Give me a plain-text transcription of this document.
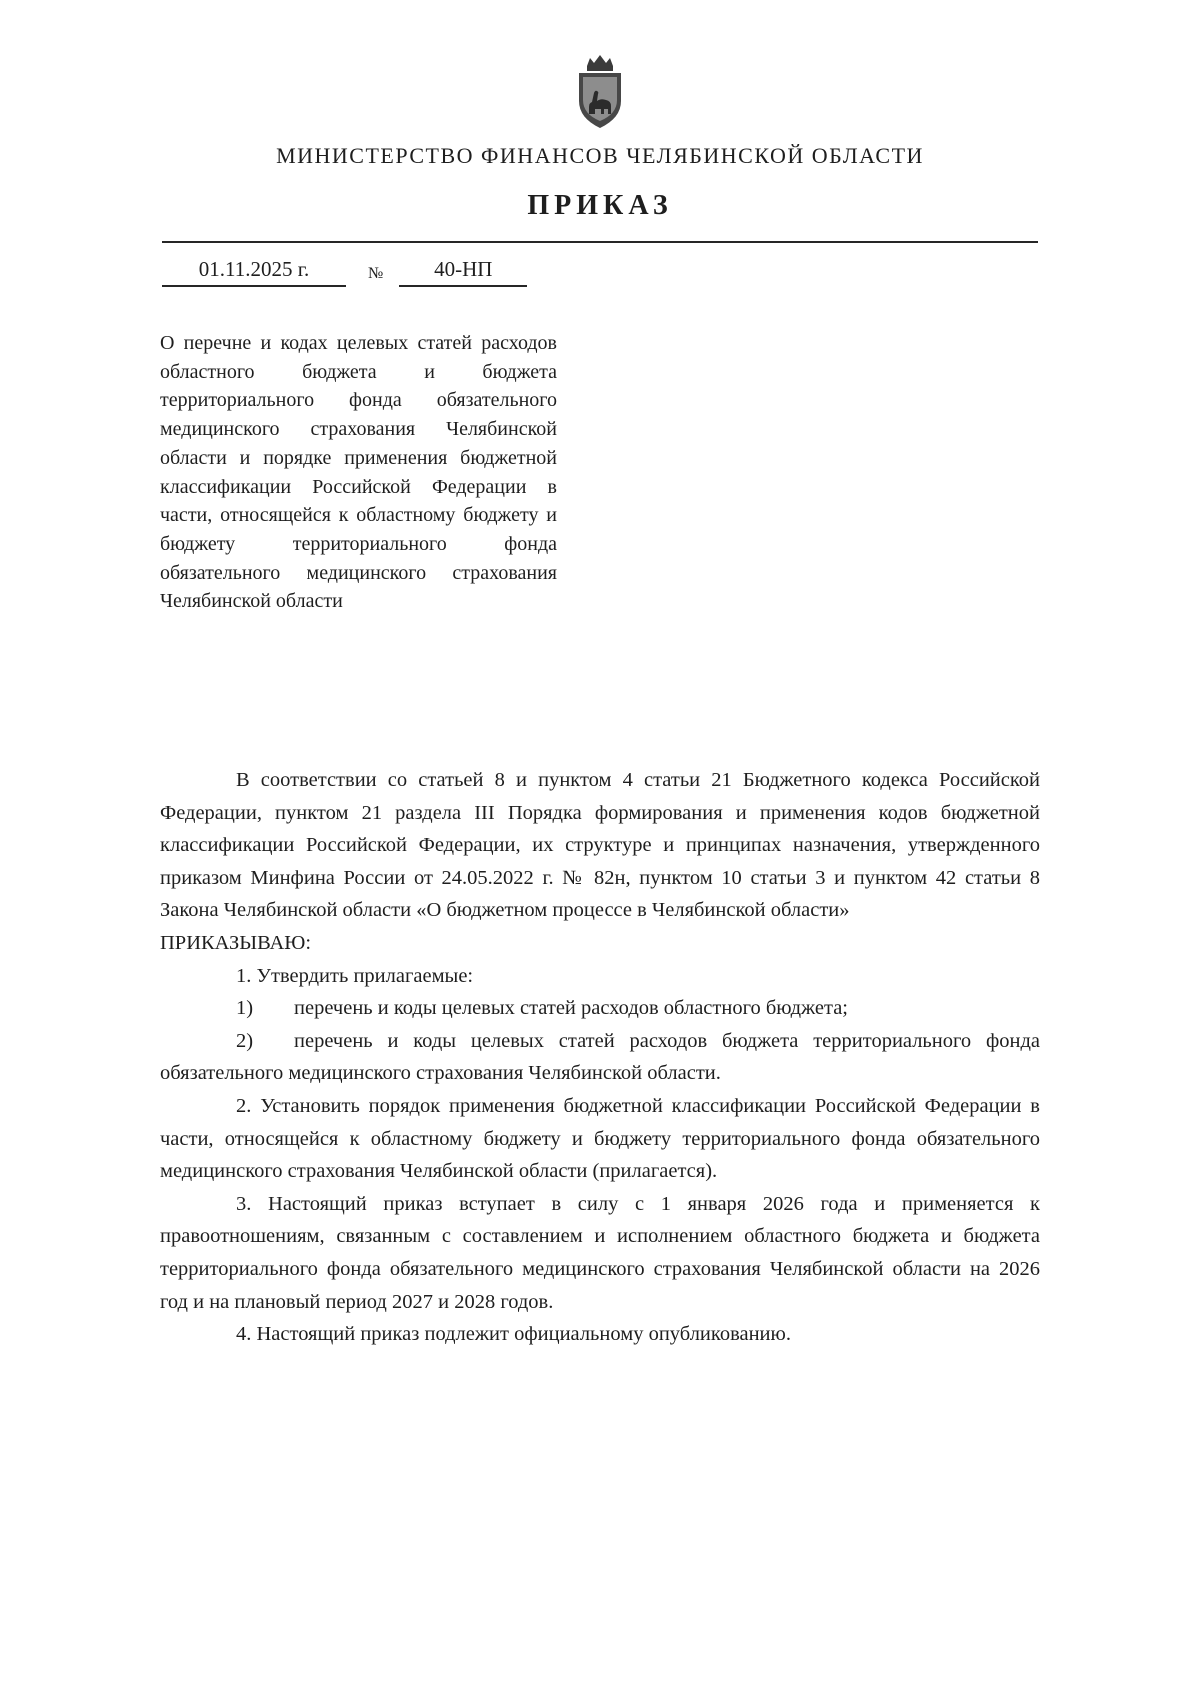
МИНИСТЕРСТВО ФИНАНСОВ ЧЕЛЯБИНСКОЙ ОБЛАСТИ
ПРИКАЗ
01.11.2025 г.	№	40-НП
О перечне и кодах целевых статей расходов областного бюджета и бюджета территориального фонда обязательного медицинского страхования Челябинской области и порядке применения бюджетной классификации Российской Федерации в части, относящейся к областному бюджету и бюджету территориального фонда обязательного медицинского страхования Челябинской области

В соответствии со статьей 8 и пунктом 4 статьи 21 Бюджетного кодекса Российской Федерации, пунктом 21 раздела III Порядка формирования и применения кодов бюджетной классификации Российской Федерации, их структуре и принципах назначения, утвержденного приказом Минфина России от 24.05.2022 г. № 82н, пунктом 10 статьи 3 и пунктом 42 статьи 8 Закона Челябинской области «О бюджетном процессе в Челябинской области»

ПРИКАЗЫВАЮ:

1. Утвердить прилагаемые:

1) перечень и коды целевых статей расходов областного бюджета;

2) перечень и коды целевых статей расходов бюджета территориального фонда обязательного медицинского страхования Челябинской области.

2. Установить порядок применения бюджетной классификации Российской Федерации в части, относящейся к областному бюджету и бюджету территориального фонда обязательного медицинского страхования Челябинской области (прилагается).

3. Настоящий приказ вступает в силу с 1 января 2026 года и применяется к правоотношениям, связанным с составлением и исполнением областного бюджета и бюджета территориального фонда обязательного медицинского страхования Челябинской области на 2026 год и на плановый период 2027 и 2028 годов.

4. Настоящий приказ подлежит официальному опубликованию.
